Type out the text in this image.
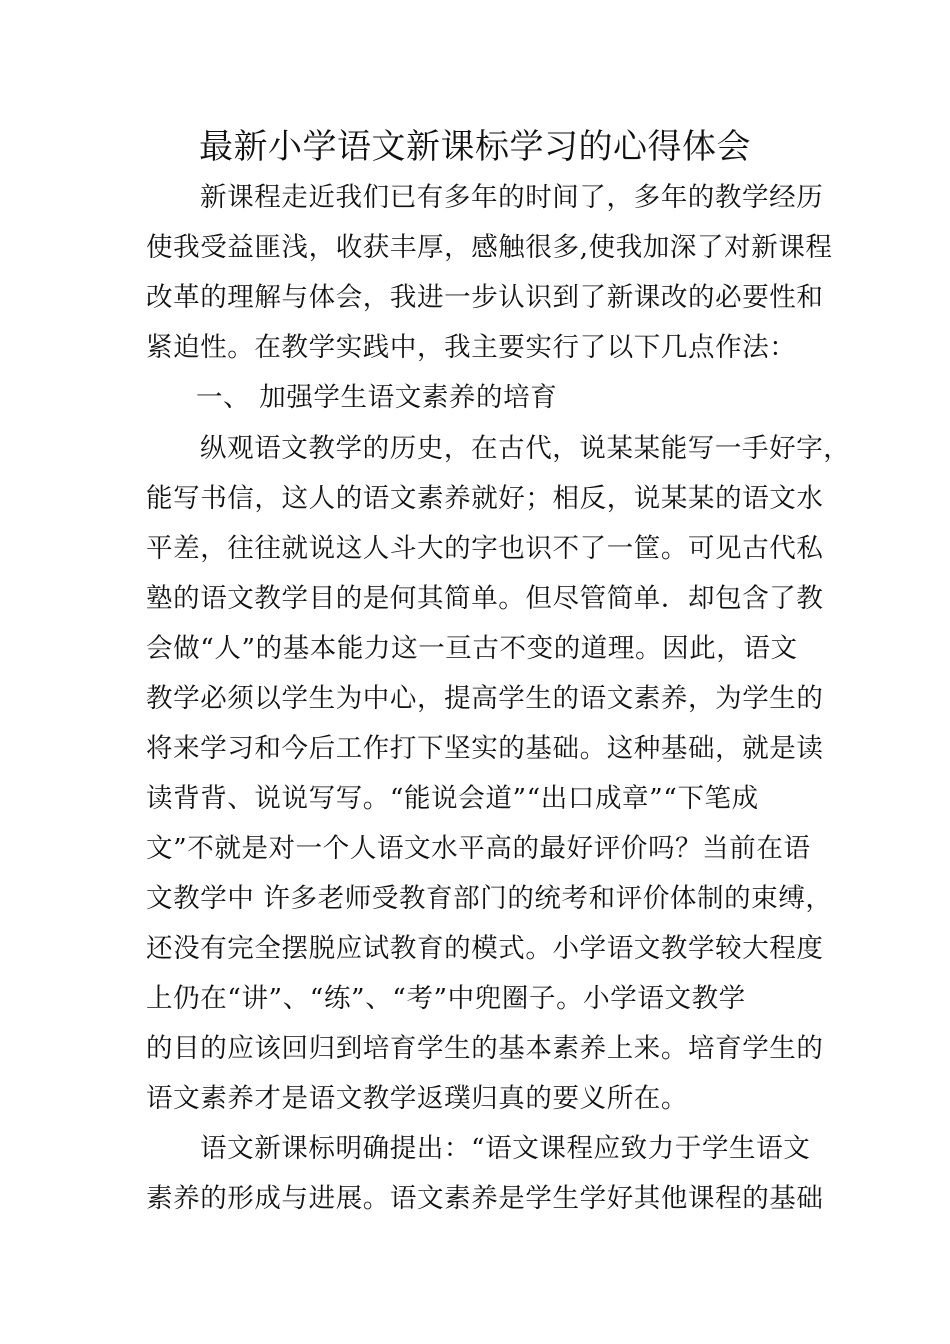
最新小学语文新课标学习的心得体会
新课程走近我们已有多年的时间了，多年的教学经历
使我受益匪浅，收获丰厚，感触很多,使我加深了对新课程
改革的理解与体会，我进一步认识到了新课改的必要性和
紧迫性。在教学实践中，我主要实行了以下几点作法：
一、 加强学生语文素养的培育
纵观语文教学的历史，在古代，说某某能写一手好字，
能写书信，这人的语文素养就好；相反，说某某的语文水
平差，往往就说这人斗大的字也识不了一筐。可见古代私
塾的语文教学目的是何其简单。但尽管简单．却包含了教
会做“人”的基本能力这一亘古不变的道理。因此，语文
教学必须以学生为中心，提高学生的语文素养，为学生的
将来学习和今后工作打下坚实的基础。这种基础，就是读
读背背、说说写写。“能说会道”“出口成章”“下笔成
文”不就是对一个人语文水平高的最好评价吗？当前在语
文教学中 许多老师受教育部门的统考和评价体制的束缚，
还没有完全摆脱应试教育的模式。小学语文教学较大程度
上仍在“讲”、“练”、“考”中兜圈子。小学语文教学
的目的应该回归到培育学生的基本素养上来。培育学生的
语文素养才是语文教学返璞归真的要义所在。
语文新课标明确提出：“语文课程应致力于学生语文
素养的形成与进展。语文素养是学生学好其他课程的基础
